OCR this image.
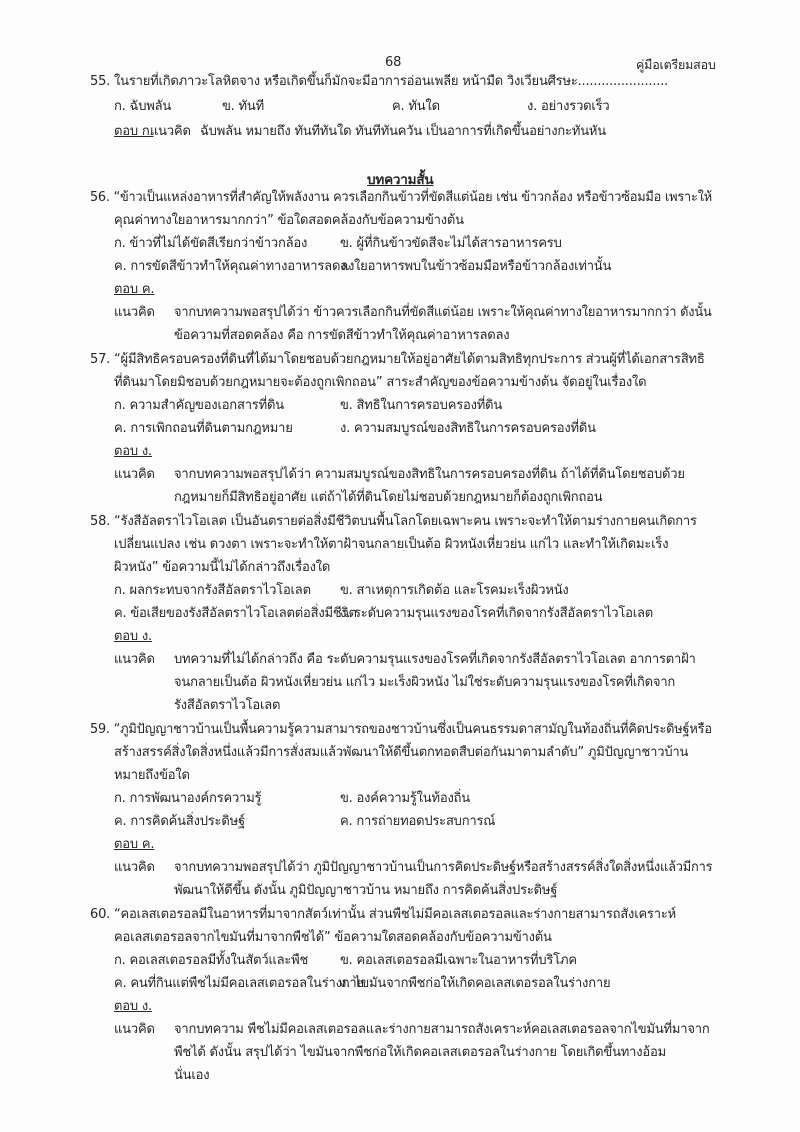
68	คู่มือเตรียมสอบ
55. ในรายที่เกิดภาวะโลหิตจาง หรือเกิดขึ้นก็มักจะมีอาการอ่อนเพลีย หน้ามืด วิงเวียนศีรษะ.......................
ก. ฉับพลัน	ข. ทันที	ค. ทันใด	ง. อย่างรวดเร็ว
ตอบ ก.
แนวคิด ฉับพลัน หมายถึง ทันทีทันใด ทันทีทันควัน เป็นอาการที่เกิดขึ้นอย่างกะทันหัน
บทความสั้น
56. “ข้าวเป็นแหล่งอาหารที่สำคัญให้พลังงาน ควรเลือกกินข้าวที่ขัดสีแต่น้อย เช่น ข้าวกล้อง หรือข้าวซ้อมมือ เพราะให้
คุณค่าทางใยอาหารมากกว่า” ข้อใดสอดคล้องกับข้อความข้างต้น
ก. ข้าวที่ไม่ได้ขัดสีเรียกว่าข้าวกล้อง	ข. ผู้ที่กินข้าวขัดสีจะไม่ได้สารอาหารครบ
ค. การขัดสีข้าวทำให้คุณค่าทางอาหารลดลง
ง. ใยอาหารพบในข้าวซ้อมมือหรือข้าวกล้องเท่านั้น
ตอบ ค.
แนวคิด จากบทความพอสรุปได้ว่า ข้าวควรเลือกกินที่ขัดสีแต่น้อย เพราะให้คุณค่าทางใยอาหารมากกว่า ดังนั้น
ข้อความที่สอดคล้อง คือ การขัดสีข้าวทำให้คุณค่าอาหารลดลง
57. “ผู้มีสิทธิครอบครองที่ดินที่ได้มาโดยชอบด้วยกฎหมายให้อยู่อาศัยได้ตามสิทธิทุกประการ ส่วนผู้ที่ได้เอกสารสิทธิ
ที่ดินมาโดยมิชอบด้วยกฎหมายจะต้องถูกเพิกถอน” สาระสำคัญของข้อความข้างต้น จัดอยู่ในเรื่องใด
ก. ความสำคัญของเอกสารที่ดิน	ข. สิทธิในการครอบครองที่ดิน
ค. การเพิกถอนที่ดินตามกฎหมาย	ง. ความสมบูรณ์ของสิทธิในการครอบครองที่ดิน
ตอบ ง.
แนวคิด จากบทความพอสรุปได้ว่า ความสมบูรณ์ของสิทธิในการครอบครองที่ดิน ถ้าได้ที่ดินโดยชอบด้วย
กฎหมายก็มีสิทธิอยู่อาศัย แต่ถ้าได้ที่ดินโดยไม่ชอบด้วยกฎหมายก็ต้องถูกเพิกถอน
58. “รังสีอัลตราไวโอเลต เป็นอันตรายต่อสิ่งมีชีวิตบนพื้นโลกโดยเฉพาะคน เพราะจะทำให้ตามร่างกายคนเกิดการ
เปลี่ยนแปลง เช่น ดวงตา เพราะจะทำให้ตาฝ้าจนกลายเป็นต้อ ผิวหนังเหี่ยวย่น แก่ไว และทำให้เกิดมะเร็ง
ผิวหนัง” ข้อความนี้ไม่ได้กล่าวถึงเรื่องใด
ก. ผลกระทบจากรังสีอัลตราไวโอเลต ข. สาเหตุการเกิดต้อ และโรคมะเร็งผิวหนัง
ค. ข้อเสียของรังสีอัลตราไวโอเลตต่อสิ่งมีชีวิต
ง. ระดับความรุนแรงของโรคที่เกิดจากรังสีอัลตราไวโอเลต
ตอบ ง.
แนวคิด บทความที่ไม่ได้กล่าวถึง คือ ระดับความรุนแรงของโรคที่เกิดจากรังสีอัลตราไวโอเลต อาการตาฝ้า
จนกลายเป็นต้อ ผิวหนังเหี่ยวย่น แก่ไว มะเร็งผิวหนัง ไม่ใช่ระดับความรุนแรงของโรคที่เกิดจาก
รังสีอัลตราไวโอเลต
59. “ภูมิปัญญาชาวบ้านเป็นพื้นความรู้ความสามารถของชาวบ้านซึ่งเป็นคนธรรมดาสามัญในท้องถิ่นที่คิดประดิษฐ์หรือ
สร้างสรรค์สิ่งใดสิ่งหนึ่งแล้วมีการสั่งสมแล้วพัฒนาให้ดีขึ้นตกทอดสืบต่อกันมาตามลำดับ” ภูมิปัญญาชาวบ้าน
หมายถึงข้อใด
ก. การพัฒนาองค์กรความรู้	ข. องค์ความรู้ในท้องถิ่น
ค. การคิดค้นสิ่งประดิษฐ์	ค. การถ่ายทอดประสบการณ์
ตอบ ค.
แนวคิด จากบทความพอสรุปได้ว่า ภูมิปัญญาชาวบ้านเป็นการคิดประดิษฐ์หรือสร้างสรรค์สิ่งใดสิ่งหนึ่งแล้วมีการ
พัฒนาให้ดีขึ้น ดังนั้น ภูมิปัญญาชาวบ้าน หมายถึง การคิดค้นสิ่งประดิษฐ์
60. “คอเลสเตอรอลมีในอาหารที่มาจากสัตว์เท่านั้น ส่วนพืชไม่มีคอเลสเตอรอลและร่างกายสามารถสังเคราะห์
คอเลสเตอรอลจากไขมันที่มาจากพืชได้” ข้อความใดสอดคล้องกับข้อความข้างต้น
ก. คอเลสเตอรอลมีทั้งในสัตว์และพืช ข. คอเลสเตอรอลมีเฉพาะในอาหารที่บริโภค
ค. คนที่กินแต่พืชไม่มีคอเลสเตอรอลในร่างกาย
ง. ไขมันจากพืชก่อให้เกิดคอเลสเตอรอลในร่างกาย
ตอบ ง.
แนวคิด จากบทความ พืชไม่มีคอเลสเตอรอลและร่างกายสามารถสังเคราะห์คอเลสเตอรอลจากไขมันที่มาจาก
พืชได้ ดังนั้น สรุปได้ว่า ไขมันจากพืชก่อให้เกิดคอเลสเตอรอลในร่างกาย โดยเกิดขึ้นทางอ้อม
นั่นเอง
